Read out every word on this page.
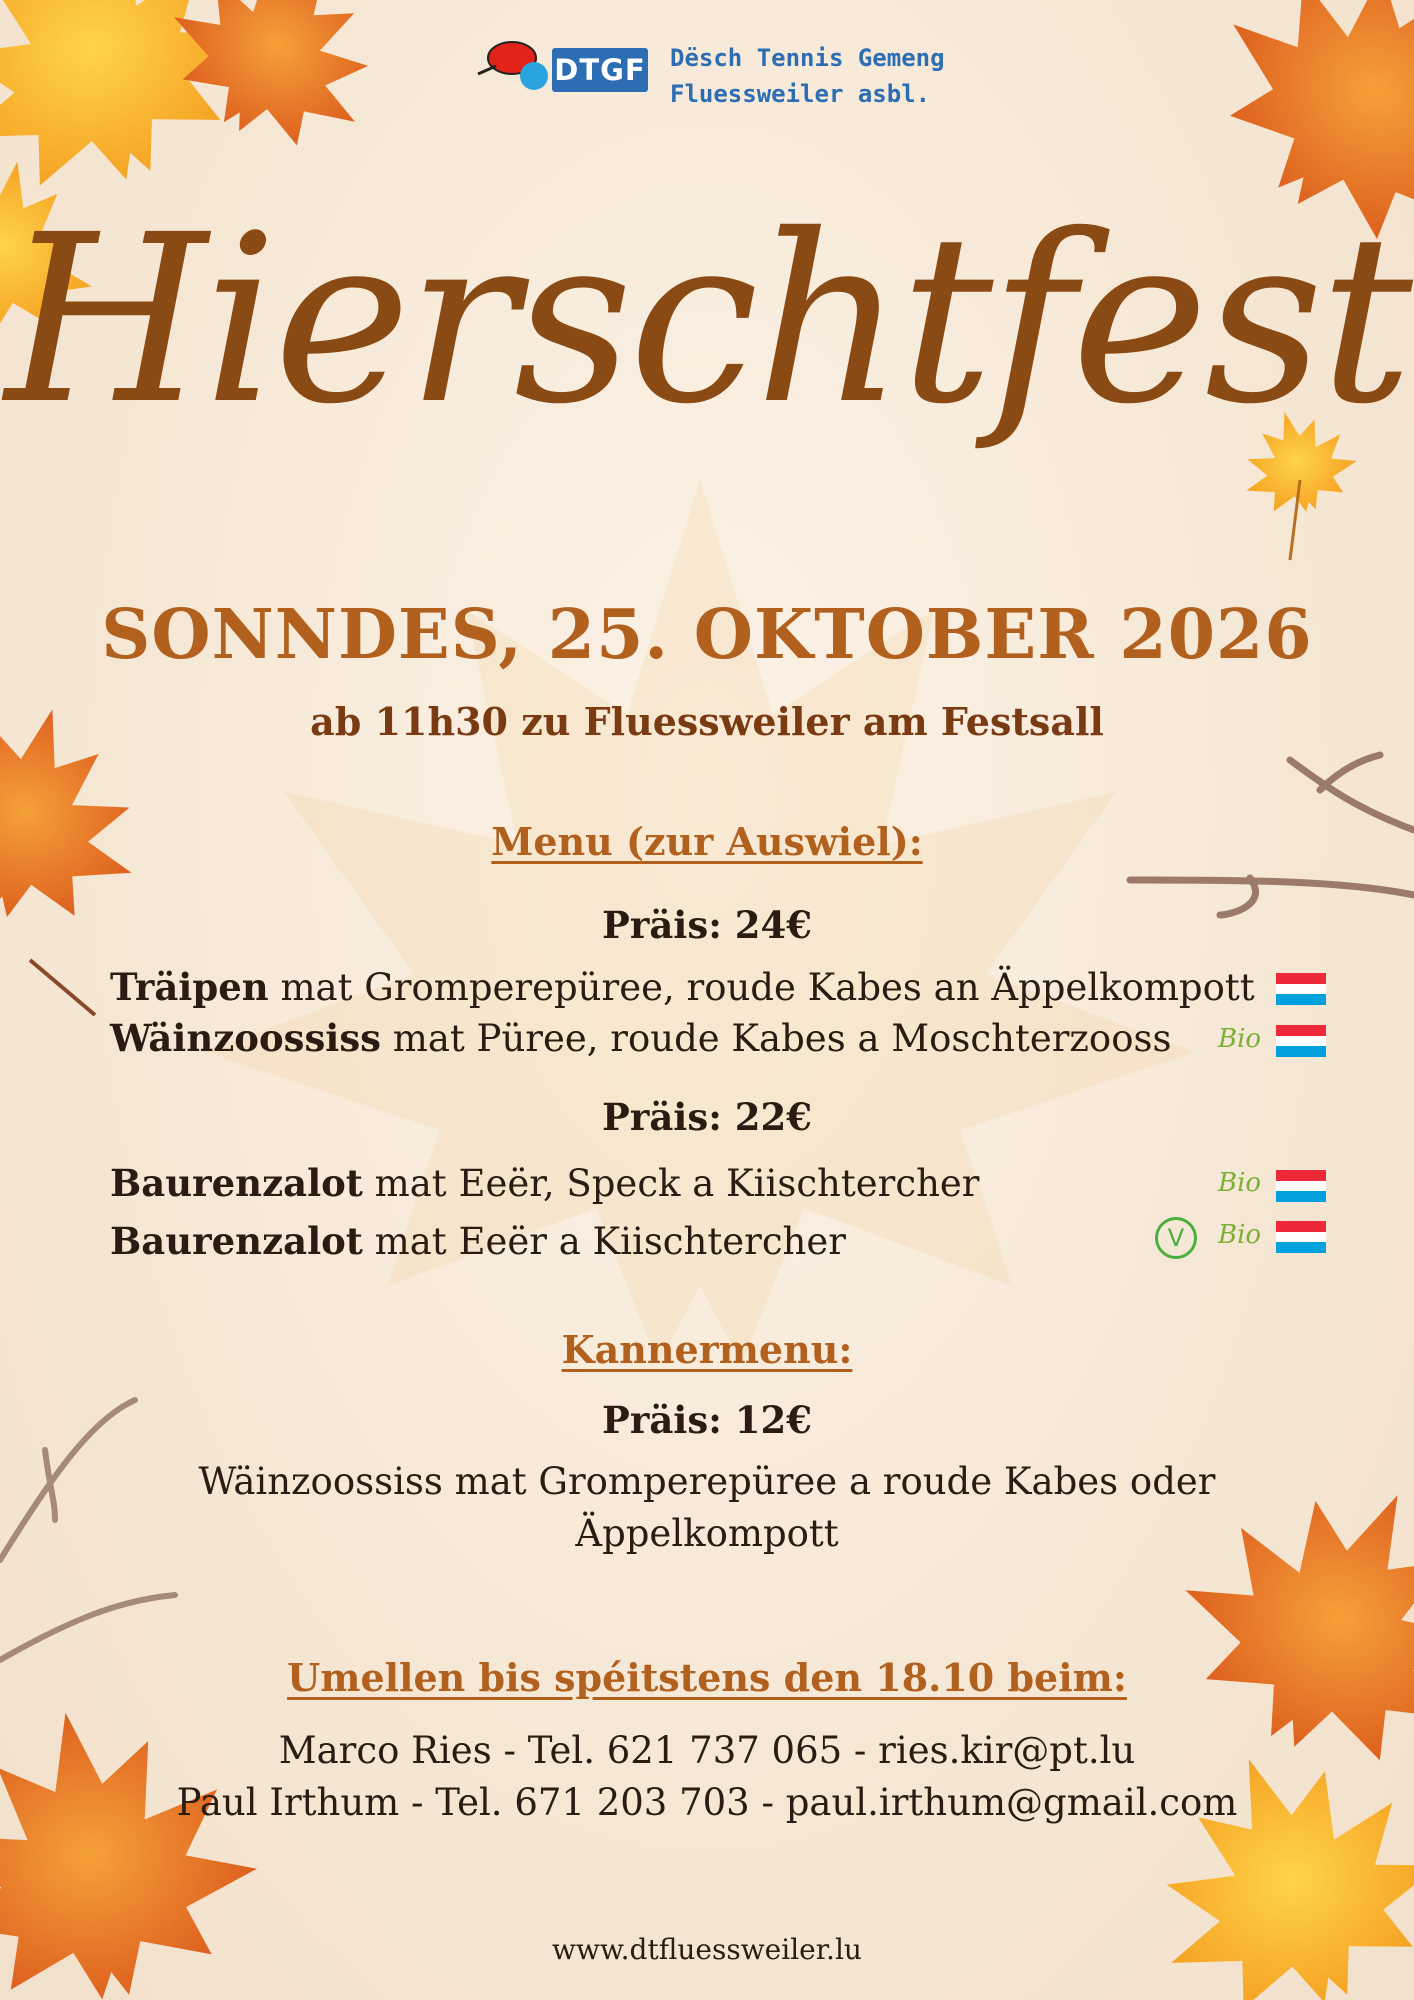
DTGF Dësch Tennis Gemeng
Fluessweiler asbl.
Hierschtfest
SONNDES, 25. OKTOBER 2026
ab 11h30 zu Fluessweiler am Festsall
Menu (zur Auswiel):
Präis: 24€
Träipen mat Gromperepüree, roude Kabes an Äppelkompott
Wäinzoossiss mat Püree, roude Kabes a Moschterzooss
Präis: 22€
Baurenzalot mat Eeër, Speck a Kiischtercher
Baurenzalot mat Eeër a Kiischtercher
Bio
Bio
V	Bio
Kannermenu:
Präis: 12€
Wäinzoossiss mat Gromperepüree a roude Kabes oder
Äppelkompott
Umellen bis spéitstens den 18.10 beim:
Marco Ries - Tel. 621 737 065 - ries.kir@pt.lu
Paul Irthum - Tel. 671 203 703 - paul.irthum@gmail.com
www.dtfluessweiler.lu
